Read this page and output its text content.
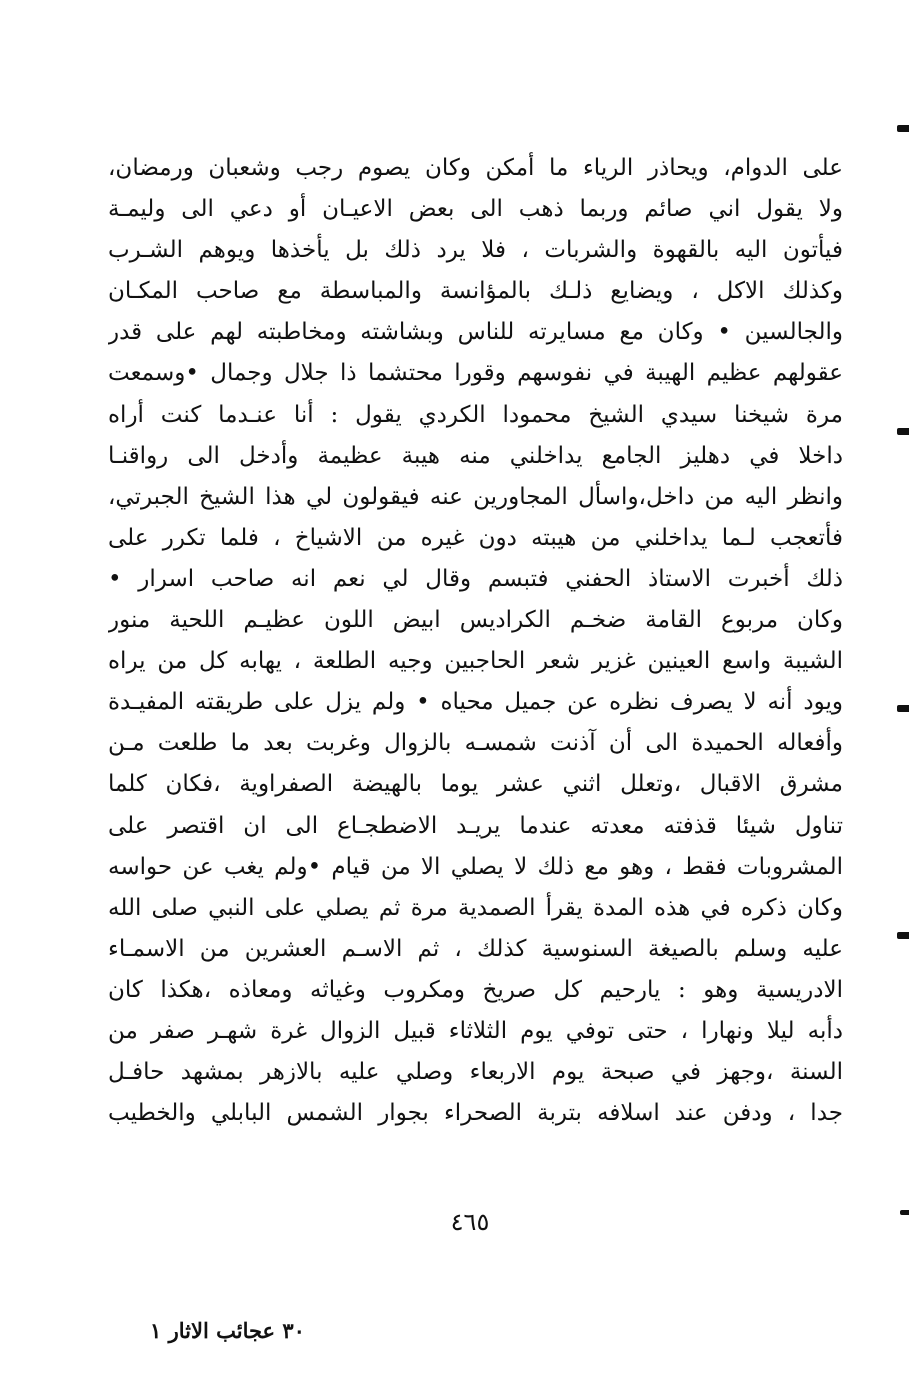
على الدوام، ويحاذر الرياء ما أمكن وكان يصوم رجب وشعبان ورمضان،
ولا يقول اني صائم وربما ذهب الى بعض الاعيـان أو دعي الى وليمـة
فيأتون اليه بالقهوة والشربات ، فلا يرد ذلك بل يأخذها ويوهم الشـرب
وكذلك الاكل ، ويضايع ذلـك بالمؤانسة والمباسطة مع صاحب المكـان
والجالسين • وكان مع مسايرته للناس وبشاشته ومخاطبته لهم على قدر
عقولهم عظيم الهيبة في نفوسهم وقورا محتشما ذا جلال وجمال •وسمعت
مرة شيخنا سيدي الشيخ محمودا الكردي يقول : أنا عنـدما كنت أراه
داخلا في دهليز الجامع يداخلني منه هيبة عظيمة وأدخل الى رواقنـا
وانظر اليه من داخل،واسأل المجاورين عنه فيقولون لي هذا الشيخ الجبرتي،
فأتعجب لـما يداخلني من هيبته دون غيره من الاشياخ ، فلما تكرر على
ذلك أخبرت الاستاذ الحفني فتبسم وقال لي نعم انه صاحب اسرار •
وكان مربوع القامة ضخـم الكراديس ابيض اللون عظيـم اللحية منور
الشيبة واسع العينين غزير شعر الحاجبين وجيه الطلعة ، يهابه كل من يراه
ويود أنه لا يصرف نظره عن جميل محياه • ولم يزل على طريقته المفيـدة
وأفعاله الحميدة الى أن آذنت شمسـه بالزوال وغربت بعد ما طلعت مـن
مشرق الاقبال ،وتعلل اثني عشر يوما بالهيضة الصفراوية ،فكان كلما
تناول شيئا قذفته معدته عندما يريـد الاضطجـاع الى ان اقتصر على
المشروبات فقط ، وهو مع ذلك لا يصلي الا من قيام •ولم يغب عن حواسه
وكان ذكره في هذه المدة يقرأ الصمدية مرة ثم يصلي على النبي صلى الله
عليه وسلم بالصيغة السنوسية كذلك ، ثم الاسـم العشرين من الاسمـاء
الادريسية وهو : يارحيم كل صريخ ومكروب وغياثه ومعاذه ،هكذا كان
دأبه ليلا ونهارا ، حتى توفي يوم الثلاثاء قبيل الزوال غرة شهـر صفر من
السنة ،وجهز في صبحة يوم الاربعاء وصلي عليه بالازهر بمشهد حافـل
جدا ، ودفن عند اسلافه بتربة الصحراء بجوار الشمس البابلي والخطيب
٤٦٥
٣٠ عجائب الاثار ١
